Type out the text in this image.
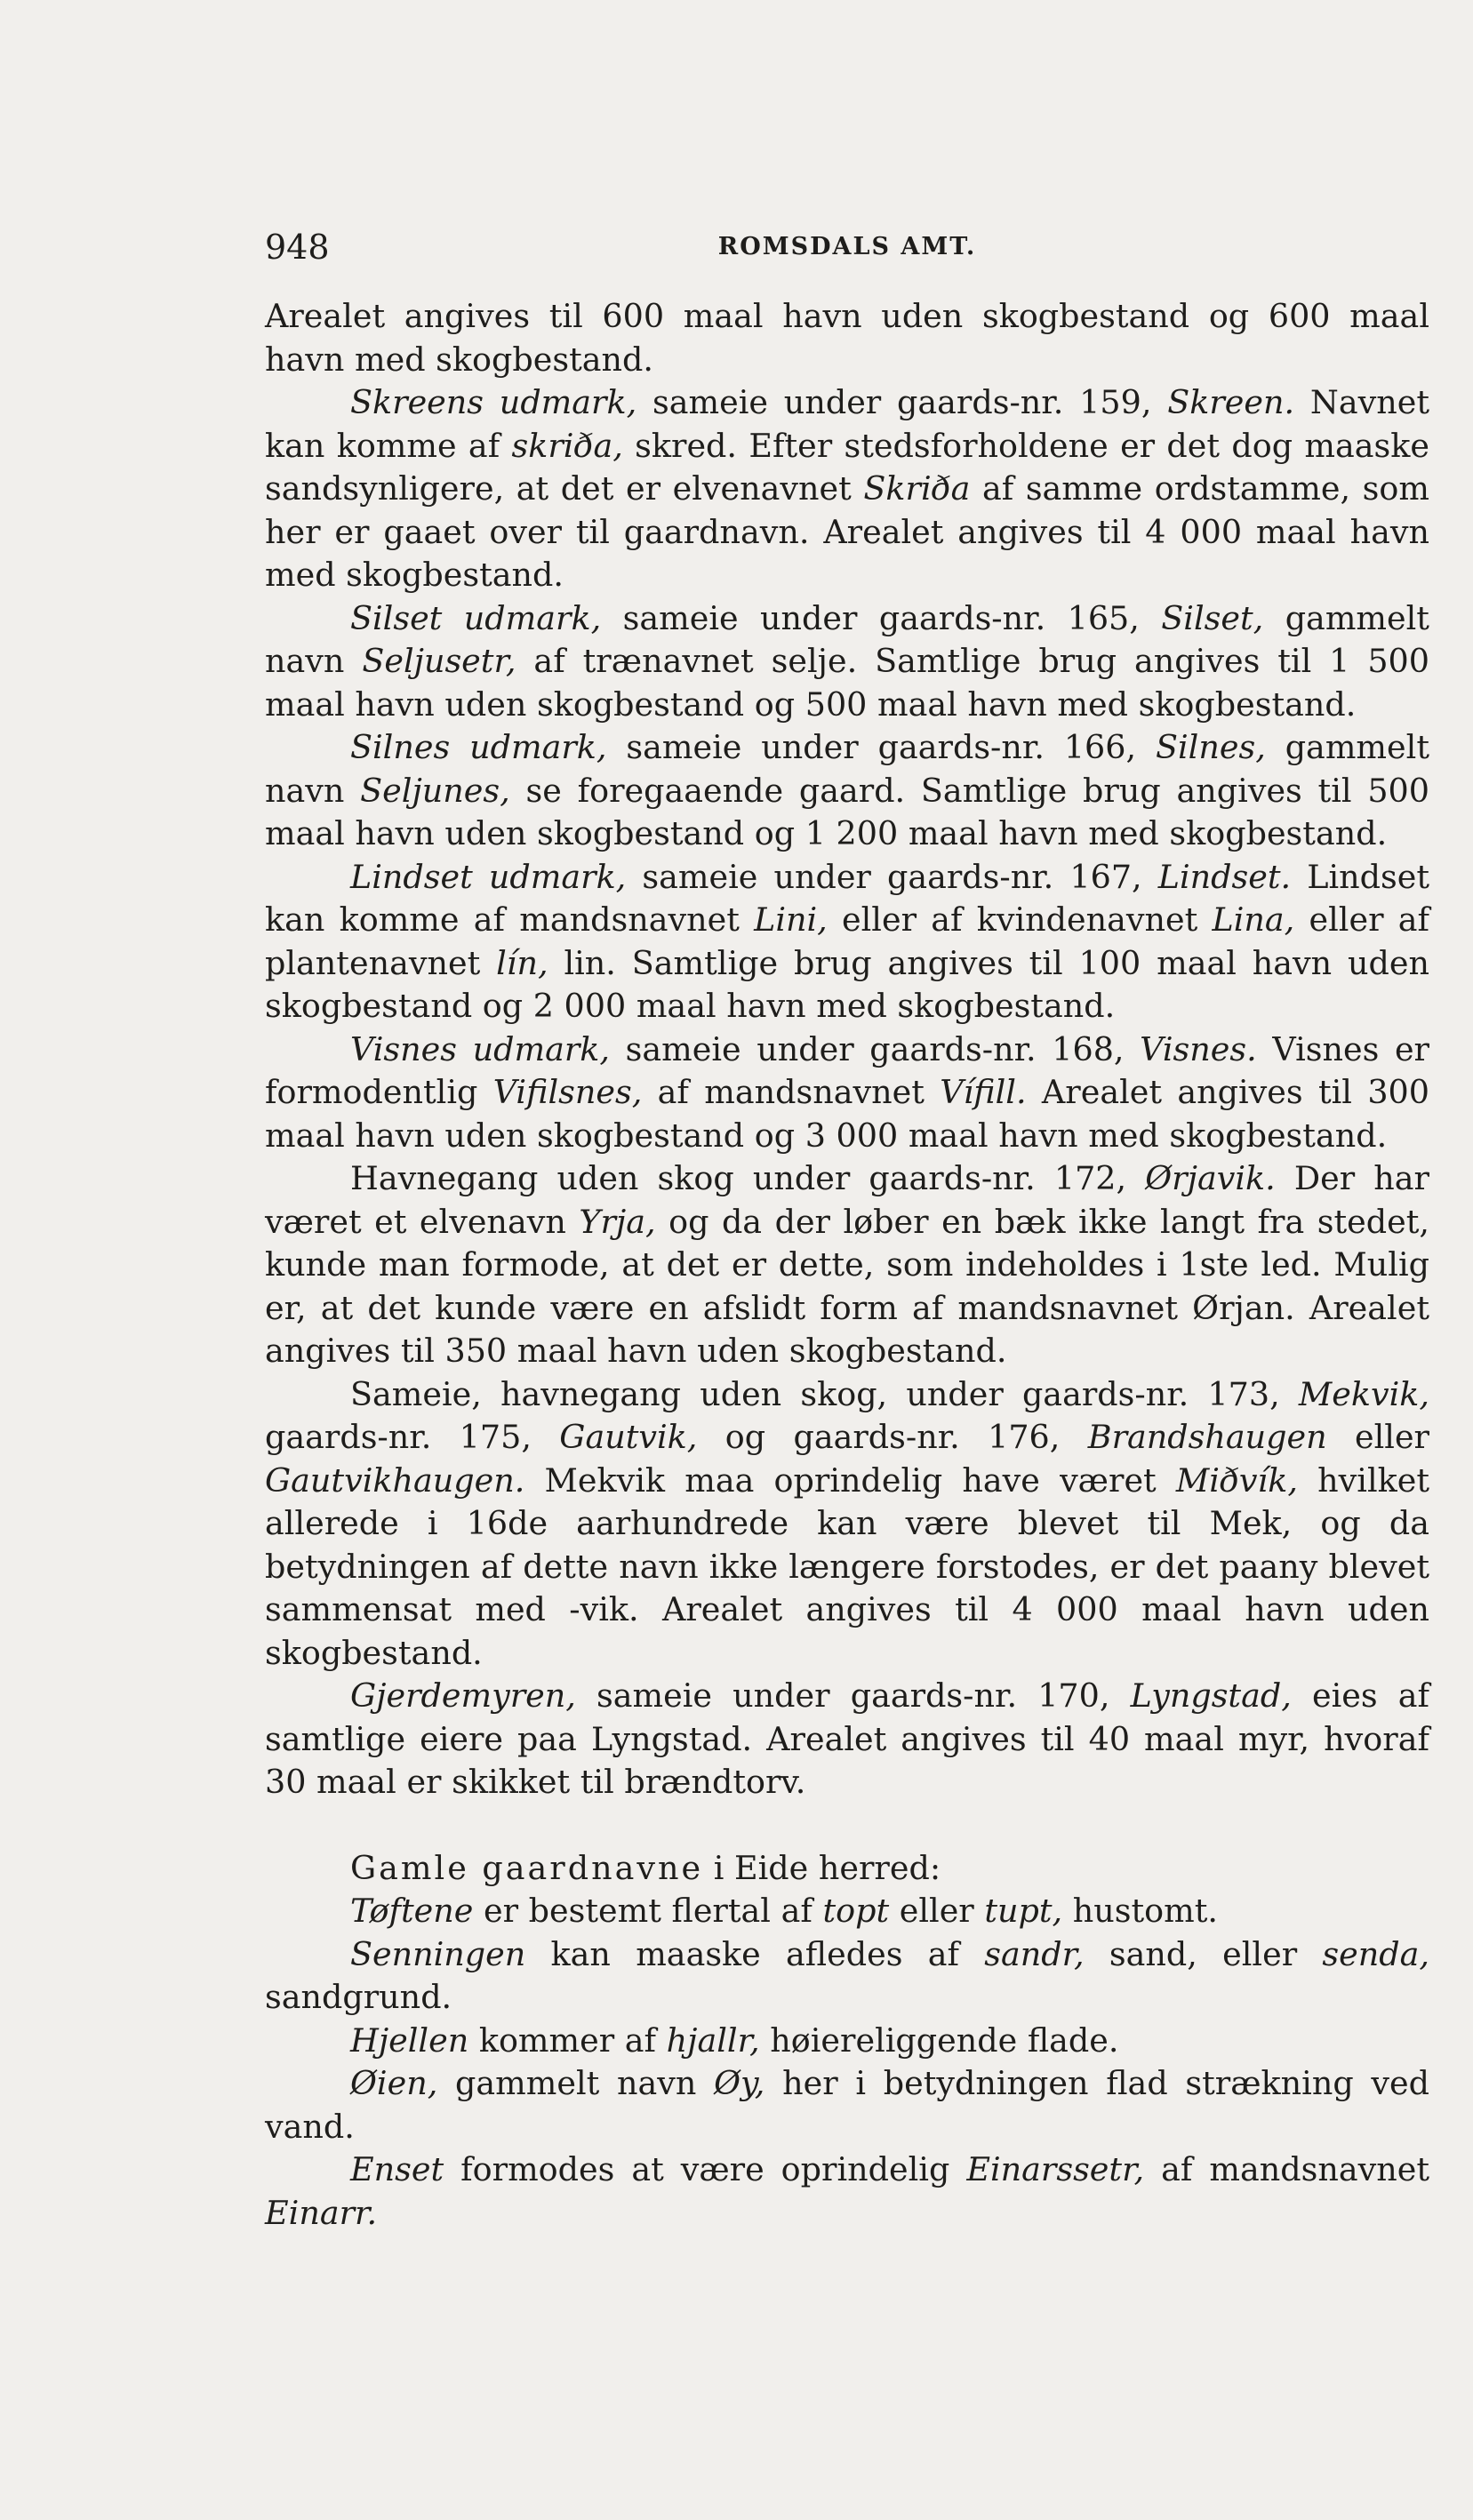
948	ROMSDALS AMT.

Arealet angives til 600 maal havn uden skogbestand og 600 maal havn med skogbestand.

Skreens udmark, sameie under gaards-nr. 159, Skreen. Navnet kan komme af skriða, skred. Efter stedsforholdene er det dog maaske sandsynligere, at det er elvenavnet Skriða af samme ordstamme, som her er gaaet over til gaardnavn. Arealet angives til 4 000 maal havn med skogbestand.

Silset udmark, sameie under gaards-nr. 165, Silset, gammelt navn Seljusetr, af trænavnet selje. Samtlige brug angives til 1 500 maal havn uden skogbestand og 500 maal havn med skogbestand.

Silnes udmark, sameie under gaards-nr. 166, Silnes, gammelt navn Seljunes, se foregaaende gaard. Samtlige brug angives til 500 maal havn uden skogbestand og 1 200 maal havn med skogbestand.

Lindset udmark, sameie under gaards-nr. 167, Lindset. Lindset kan komme af mandsnavnet Lini, eller af kvindenavnet Lina, eller af plantenavnet lín, lin. Samtlige brug angives til 100 maal havn uden skogbestand og 2 000 maal havn med skogbestand.

Visnes udmark, sameie under gaards-nr. 168, Visnes. Visnes er formodentlig Vifilsnes, af mandsnavnet Vífill. Arealet angives til 300 maal havn uden skogbestand og 3 000 maal havn med skogbestand.

Havnegang uden skog under gaards-nr. 172, Ørjavik. Der har været et elvenavn Yrja, og da der løber en bæk ikke langt fra stedet, kunde man formode, at det er dette, som indeholdes i 1ste led. Mulig er, at det kunde være en afslidt form af mandsnavnet Ørjan. Arealet angives til 350 maal havn uden skogbestand.

Sameie, havnegang uden skog, under gaards-nr. 173, Mekvik, gaards-nr. 175, Gautvik, og gaards-nr. 176, Brandshaugen eller Gautvikhaugen. Mekvik maa oprindelig have været Miðvík, hvilket allerede i 16de aarhundrede kan være blevet til Mek, og da betydningen af dette navn ikke længere forstodes, er det paany blevet sammensat med -vik. Arealet angives til 4 000 maal havn uden skogbestand.

Gjerdemyren, sameie under gaards-nr. 170, Lyngstad, eies af samtlige eiere paa Lyngstad. Arealet angives til 40 maal myr, hvoraf 30 maal er skikket til brændtorv.

Gamle gaardnavne i Eide herred:

Tøftene er bestemt flertal af topt eller tupt, hustomt.

Senningen kan maaske afledes af sandr, sand, eller senda, sandgrund.

Hjellen kommer af hjallr, høiereliggende flade.

Øien, gammelt navn Øy, her i betydningen flad strækning ved vand.

Enset formodes at være oprindelig Einarssetr, af mandsnavnet Einarr.
